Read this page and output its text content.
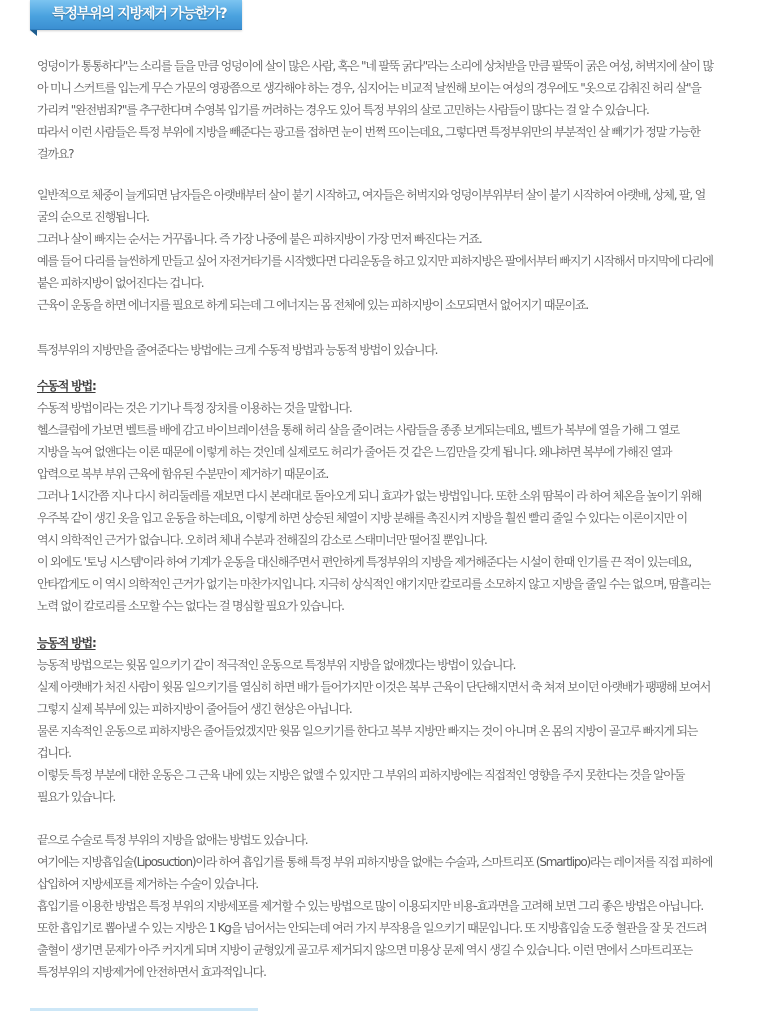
특정부위의 지방제거 가능한가?
엉덩이가 통통하다"는 소리를 들을 만큼 엉덩이에 살이 많은 사람, 혹은 "네 팔뚝 굵다"라는 소리에 상처받을 만큼 팔뚝이 굵은 여성, 허벅지에 살이 많
아 미니 스커트를 입는게 무슨 가문의 영광쯤으로 생각해야 하는 경우, 심지어는 비교적 날씬해 보이는 여성의 경우에도 "옷으로 감춰진 허리 살"을
가리켜 "완전범죄?"를 추구한다며 수영복 입기를 꺼려하는 경우도 있어 특정 부위의 살로 고민하는 사람들이 많다는 걸 알 수 있습니다.
따라서 이런 사람들은 특정 부위에 지방을 빼준다는 광고를 접하면 눈이 번쩍 뜨이는데요, 그렇다면 특정부위만의 부분적인 살 빼기가 정말 가능한
걸까요?
일반적으로 체중이 늘게되면 남자들은 아랫배부터 살이 붙기 시작하고, 여자들은 허벅지와 엉덩이부위부터 살이 붙기 시작하여 아랫배, 상체, 팔, 얼
굴의 순으로 진행됩니다.
그러나 살이 빠지는 순서는 거꾸롭니다. 즉 가장 나중에 붙은 피하지방이 가장 먼저 빠진다는 거죠.
예를 들어 다리를 늘씬하게 만들고 싶어 자전거타기를 시작했다면 다리운동을 하고 있지만 피하지방은 팔에서부터 빠지기 시작해서 마지막에 다리에
붙은 피하지방이 없어진다는 겁니다.
근육이 운동을 하면 에너지를 필요로 하게 되는데 그 에너지는 몸 전체에 있는 피하지방이 소모되면서 없어지기 때문이죠.
특정부위의 지방만을 줄여준다는 방법에는 크게 수동적 방법과 능동적 방법이 있습니다.
수동적 방법:
수동적 방법이라는 것은 기기나 특정 장치를 이용하는 것을 말합니다.
헬스클럽에 가보면 벨트를 배에 감고 바이브레이션을 통해 허리 살을 줄이려는 사람들을 종종 보게되는데요, 벨트가 복부에 열을 가해 그 열로
지방을 녹여 없앤다는 이론 때문에 이렇게 하는 것인데 실제로도 허리가 줄어든 것 같은 느낌만을 갖게 됩니다. 왜냐하면 복부에 가해진 열과
압력으로 복부 부위 근육에 함유된 수분만이 제거하기 때문이죠.
그러나 1시간쯤 지나 다시 허리둘레를 재보면 다시 본래대로 돌아오게 되니 효과가 없는 방법입니다. 또한 소위 땀복이 라 하여 체온을 높이기 위해
우주복 같이 생긴 옷을 입고 운동을 하는데요, 이렇게 하면 상승된 체열이 지방 분해를 촉진시켜 지방을 훨씬 빨리 줄일 수 있다는 이론이지만 이
역시 의학적인 근거가 없습니다. 오히려 체내 수분과 전해질의 감소로 스태미너만 떨어질 뿐입니다.
이 외에도 '토닝 시스템'이라 하여 기계가 운동을 대신해주면서 편안하게 특정부위의 지방을 제거해준다는 시설이 한때 인기를 끈 적이 있는데요,
안타깝게도 이 역시 의학적인 근거가 없기는 마찬가지입니다. 지극히 상식적인 얘기지만 칼로리를 소모하지 않고 지방을 줄일 수는 없으며, 땀흘리는
노력 없이 칼로리를 소모할 수는 없다는 걸 명심할 필요가 있습니다.
능동적 방법:
능동적 방법으로는 윗몸 일으키기 같이 적극적인 운동으로 특정부위 지방을 없애겠다는 방법이 있습니다.
실제 아랫배가 처진 사람이 윗몸 일으키기를 열심히 하면 배가 들어가지만 이것은 복부 근육이 단단해지면서 축 쳐져 보이던 아랫배가 팽팽해 보여서
그렇지 실제 복부에 있는 피하지방이 줄어들어 생긴 현상은 아닙니다.
물론 지속적인 운동으로 피하지방은 줄어들었겠지만 윗몸 일으키기를 한다고 복부 지방만 빠지는 것이 아니며 온 몸의 지방이 골고루 빠지게 되는
겁니다.
이렇듯 특정 부분에 대한 운동은 그 근육 내에 있는 지방은 없앨 수 있지만 그 부위의 피하지방에는 직접적인 영향을 주지 못한다는 것을 알아둘
필요가 있습니다.
끝으로 수술로 특정 부위의 지방을 없애는 방법도 있습니다.
여기에는 지방흡입술(Liposuction)이라 하여 흡입기를 통해 특정 부위 피하지방을 없애는 수술과, 스마트리포 (Smartlipo)라는 레이저를 직접 피하에
삽입하여 지방세포를 제거하는 수술이 있습니다.
흡입기를 이용한 방법은 특정 부위의 지방세포를 제거할 수 있는 방법으로 많이 이용되지만 비용-효과면을 고려해 보면 그리 좋은 방법은 아닙니다.
또한 흡입기로 뽑아낼 수 있는 지방은 1 Kg을 넘어서는 안되는데 여러 가지 부작용을 일으키기 때문입니다. 또 지방흡입술 도중 혈관을 잘 못 건드려
출혈이 생기면 문제가 아주 커지게 되며 지방이 균형있게 골고루 제거되지 않으면 미용상 문제 역시 생길 수 있습니다. 이런 면에서 스마트리포는
특정부위의 지방제거에 안전하면서 효과적입니다.
